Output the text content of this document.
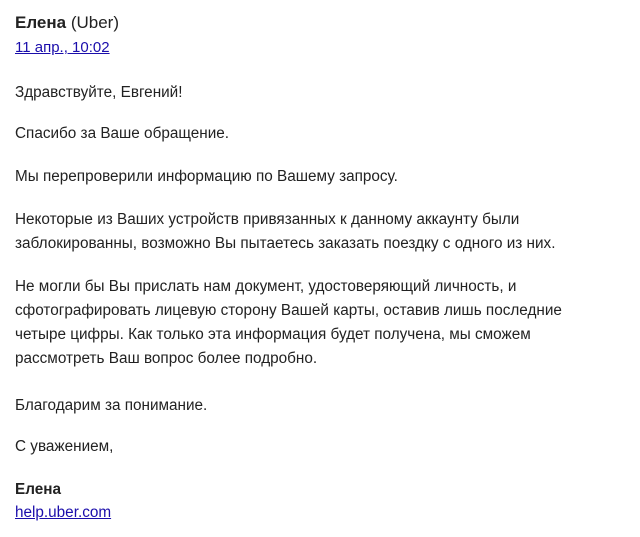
Елена (Uber)
11 апр., 10:02

Здравствуйте, Евгений!

Спасибо за Ваше обращение.

Мы перепроверили информацию по Вашему запросу.

Некоторые из Ваших устройств привязанных к данному аккаунту были
заблокированны, возможно Вы пытаетесь заказать поездку с одного из них.
Не могли бы Вы прислать нам документ, удостоверяющий личность, и
сфотографировать лицевую сторону Вашей карты, оставив лишь последние
четыре цифры. Как только эта информация будет получена, мы сможем
рассмотреть Ваш вопрос более подробно.

Благодарим за понимание.

С уважением,

Елена

help.uber.com
